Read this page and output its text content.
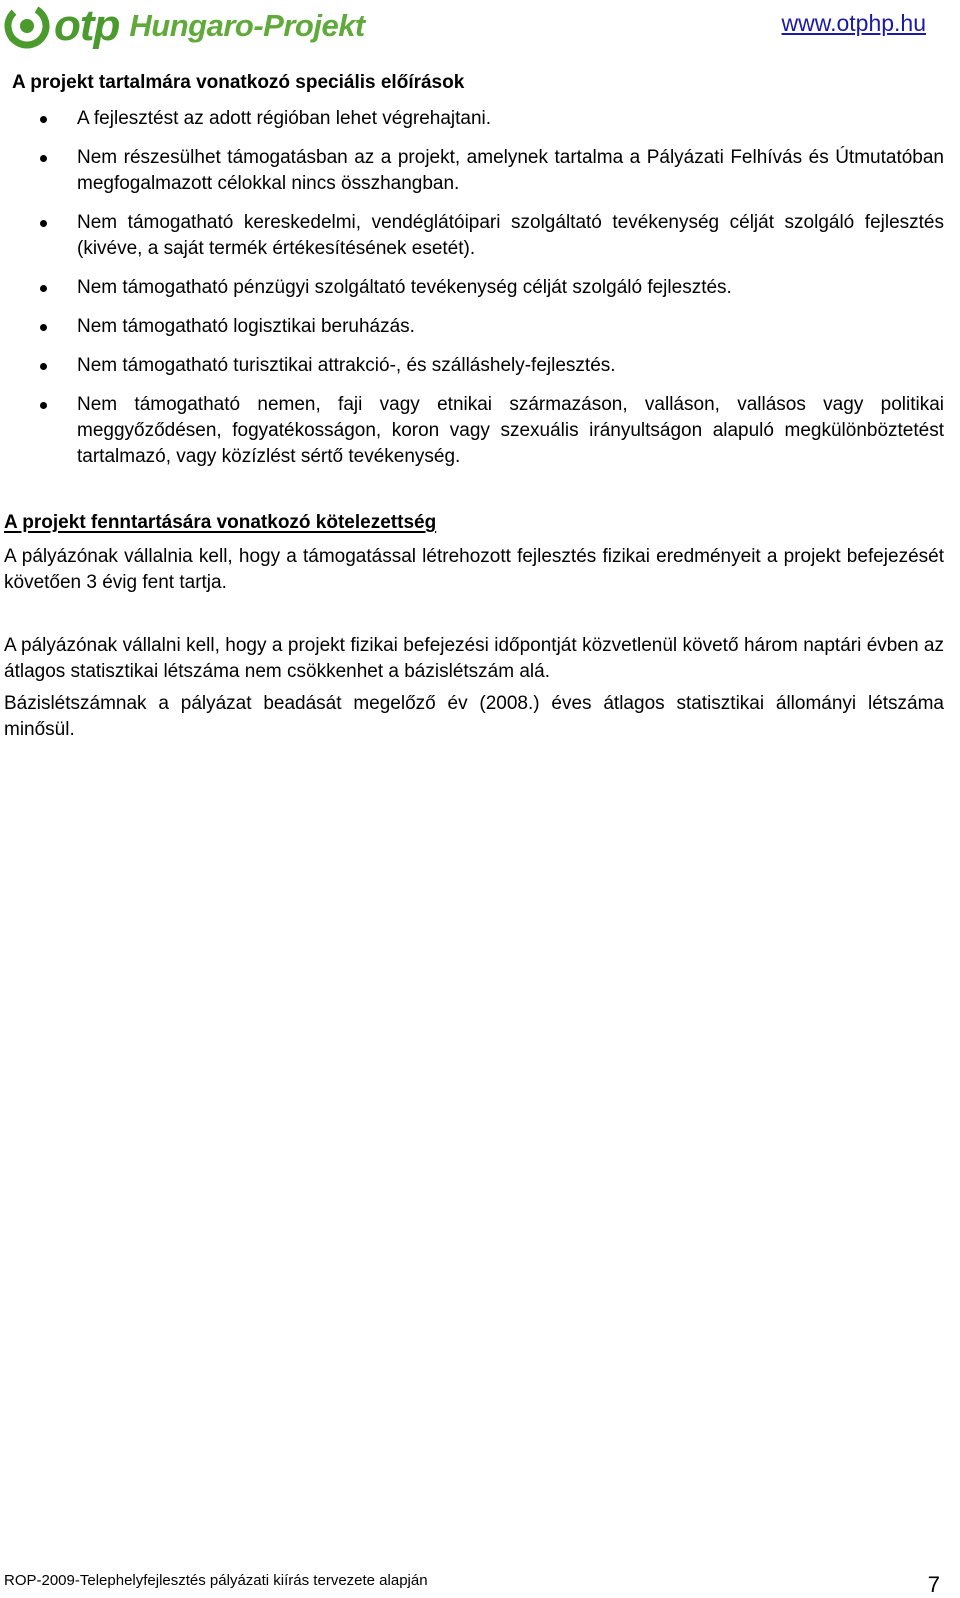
otp Hungaro-Projekt	www.otphp.hu
A projekt tartalmára vonatkozó speciális előírások
A fejlesztést az adott régióban lehet végrehajtani.
Nem részesülhet támogatásban az a projekt, amelynek tartalma a Pályázati Felhívás és Útmutatóban megfogalmazott célokkal nincs összhangban.
Nem támogatható kereskedelmi, vendéglátóipari szolgáltató tevékenység célját szolgáló fejlesztés (kivéve, a saját termék értékesítésének esetét).
Nem támogatható pénzügyi szolgáltató tevékenység célját szolgáló fejlesztés.
Nem támogatható logisztikai beruházás.
Nem támogatható turisztikai attrakció-, és szálláshely-fejlesztés.
Nem támogatható nemen, faji vagy etnikai származáson, valláson, vallásos vagy politikai meggyőződésen, fogyatékosságon, koron vagy szexuális irányultságon alapuló megkülönböztetést tartalmazó, vagy közízlést sértő tevékenység.
A projekt fenntartására vonatkozó kötelezettség

A pályázónak vállalnia kell, hogy a támogatással létrehozott fejlesztés fizikai eredményeit a projekt befejezését követően 3 évig fent tartja.

A pályázónak vállalni kell, hogy a projekt fizikai befejezési időpontját közvetlenül követő három naptári évben az átlagos statisztikai létszáma nem csökkenhet a bázislétszám alá.

Bázislétszámnak a pályázat beadását megelőző év (2008.) éves átlagos statisztikai állományi létszáma minősül.

ROP-2009-Telephelyfejlesztés pályázati kiírás tervezete alapján	7
